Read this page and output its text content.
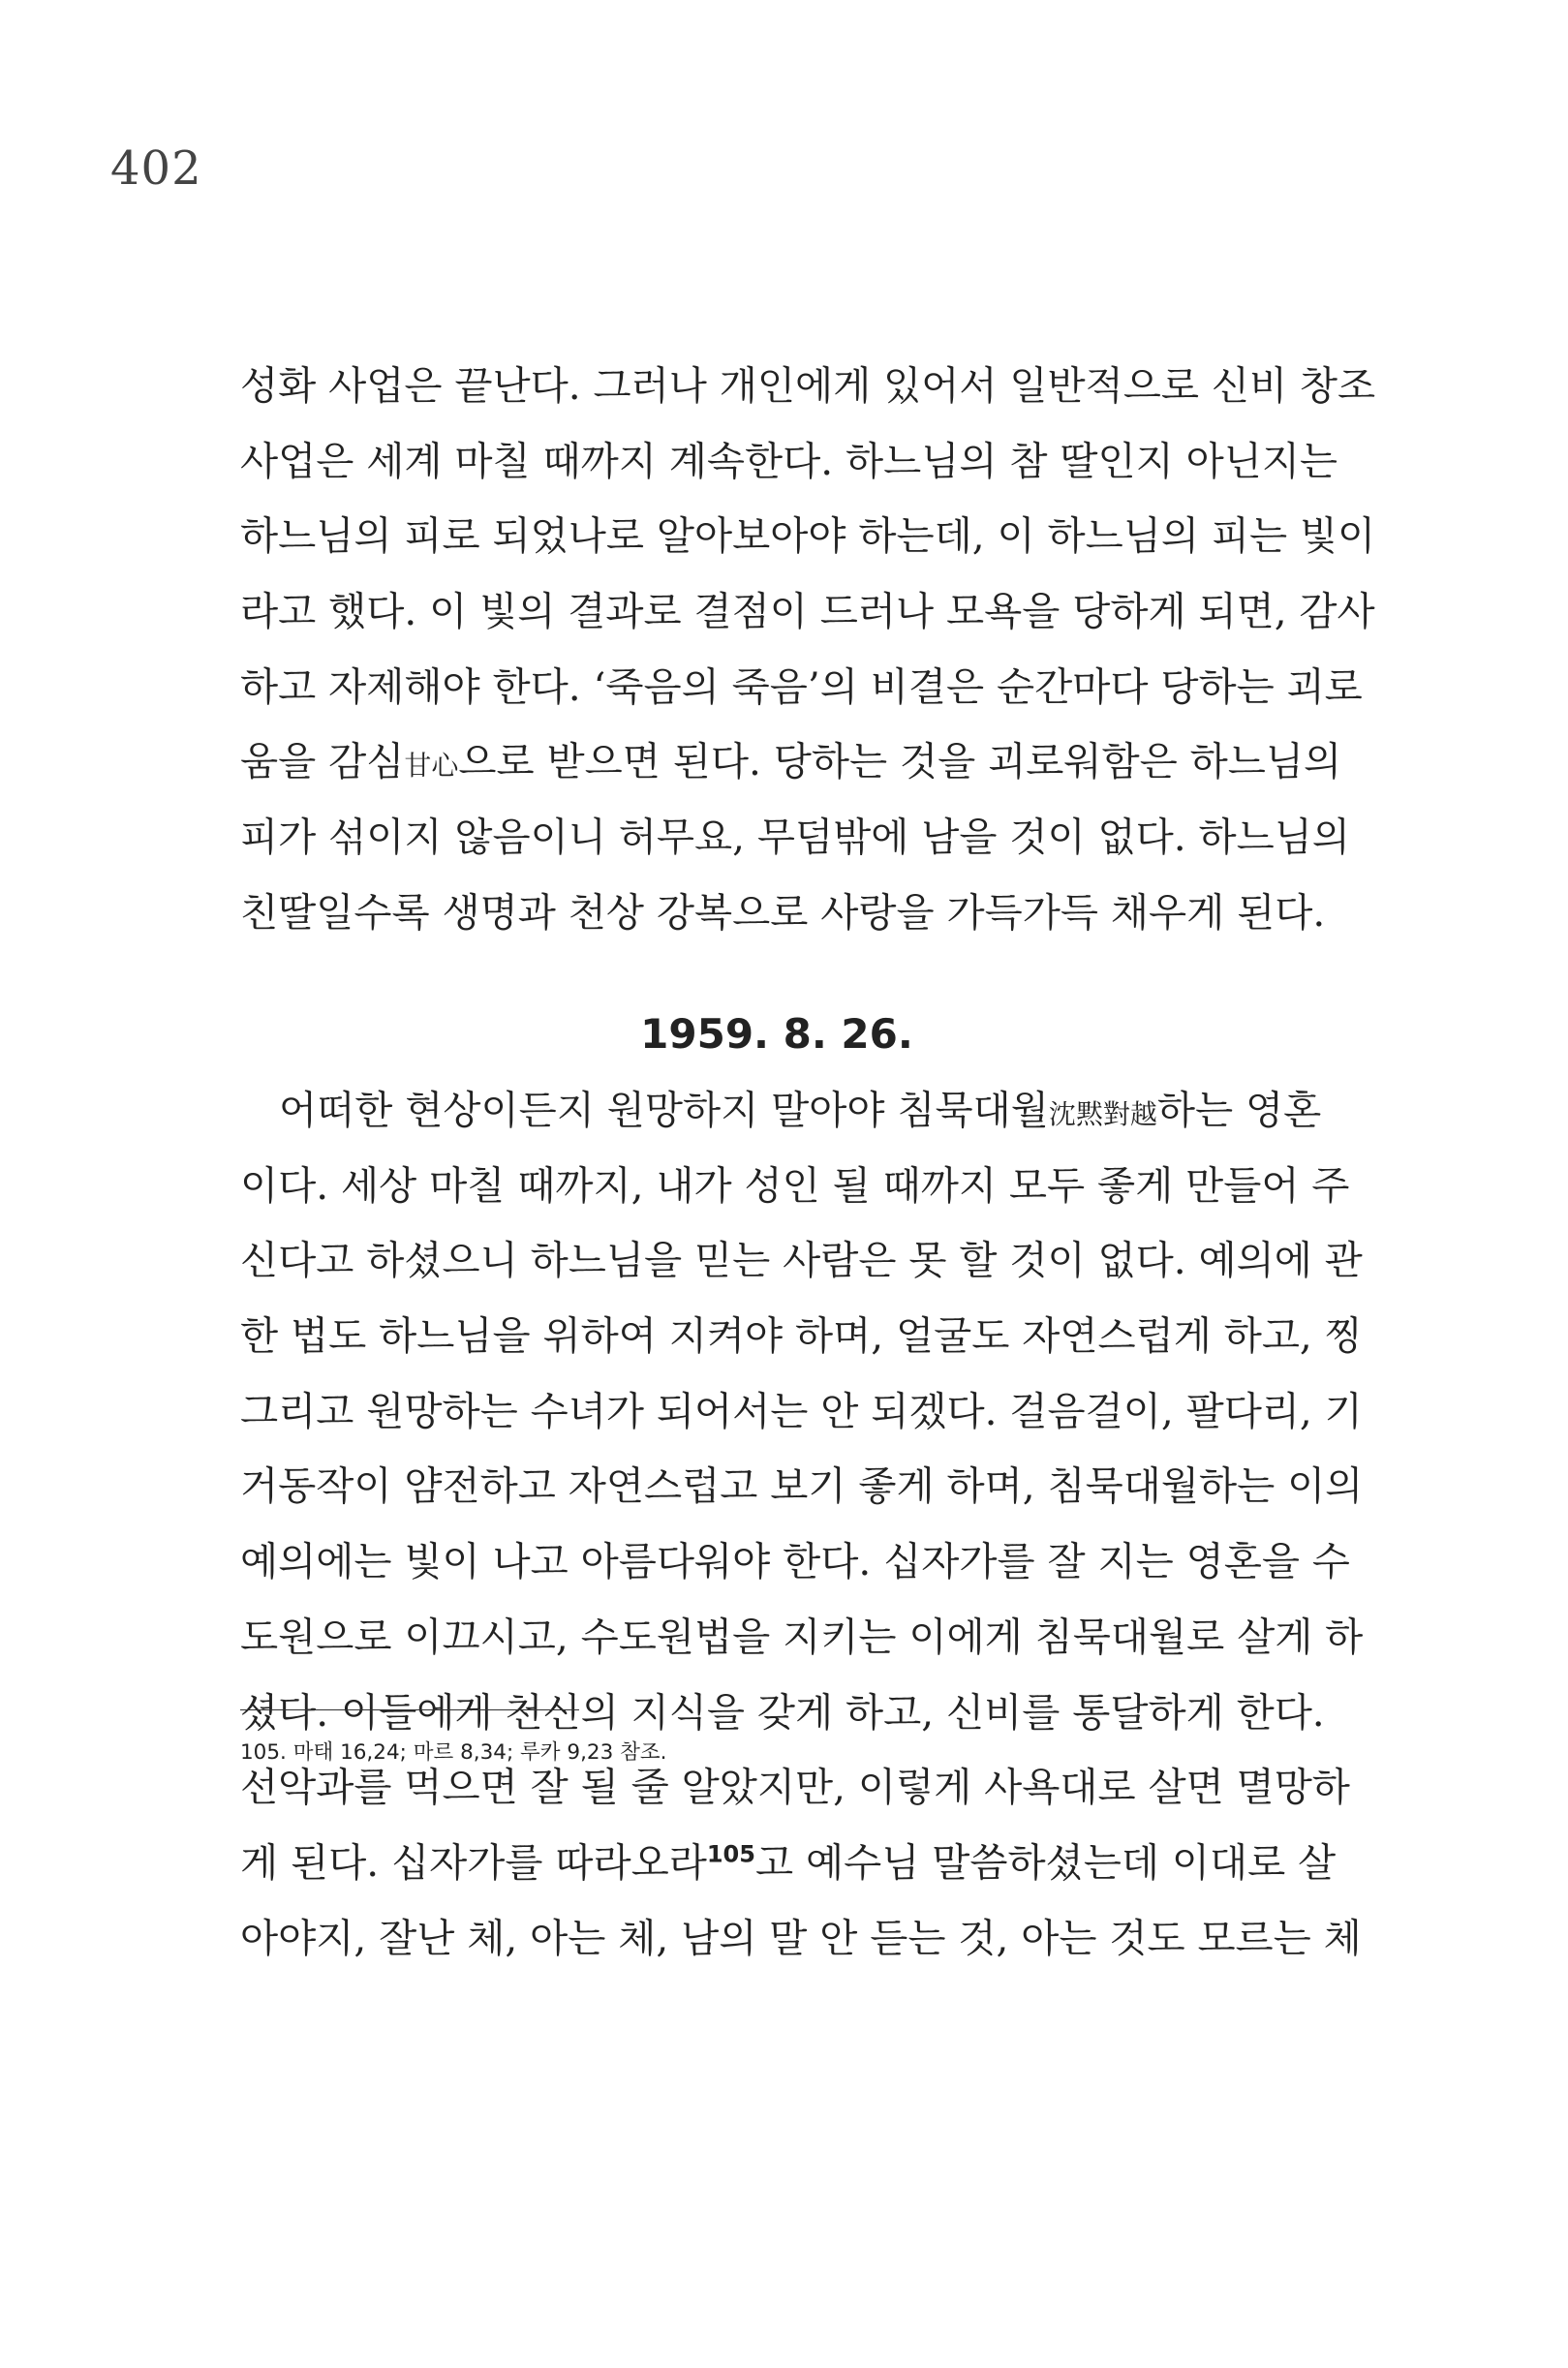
402
성화 사업은 끝난다. 그러나 개인에게 있어서 일반적으로 신비 창조
사업은 세계 마칠 때까지 계속한다. 하느님의 참 딸인지 아닌지는
하느님의 피로 되었나로 알아보아야 하는데, 이 하느님의 피는 빛이
라고 했다. 이 빛의 결과로 결점이 드러나 모욕을 당하게 되면, 감사
하고 자제해야 한다. ‘죽음의 죽음’의 비결은 순간마다 당하는 괴로
움을 감심甘心으로 받으면 된다. 당하는 것을 괴로워함은 하느님의
피가 섞이지 않음이니 허무요, 무덤밖에 남을 것이 없다. 하느님의
친딸일수록 생명과 천상 강복으로 사랑을 가득가득 채우게 된다.
1959. 8. 26.
어떠한 현상이든지 원망하지 말아야 침묵대월沈黙對越하는 영혼
이다. 세상 마칠 때까지, 내가 성인 될 때까지 모두 좋게 만들어 주
신다고 하셨으니 하느님을 믿는 사람은 못 할 것이 없다. 예의에 관
한 법도 하느님을 위하여 지켜야 하며, 얼굴도 자연스럽게 하고, 찡
그리고 원망하는 수녀가 되어서는 안 되겠다. 걸음걸이, 팔다리, 기
거동작이 얌전하고 자연스럽고 보기 좋게 하며, 침묵대월하는 이의
예의에는 빛이 나고 아름다워야 한다. 십자가를 잘 지는 영혼을 수
도원으로 이끄시고, 수도원법을 지키는 이에게 침묵대월로 살게 하
셨다. 이들에게 천신의 지식을 갖게 하고, 신비를 통달하게 한다.
선악과를 먹으면 잘 될 줄 알았지만, 이렇게 사욕대로 살면 멸망하
게 된다. 십자가를 따라오라$^{105}$고 예수님 말씀하셨는데 이대로 살
아야지, 잘난 체, 아는 체, 남의 말 안 듣는 것, 아는 것도 모르는 체
105. 마태 16,24; 마르 8,34; 루카 9,23 참조.
